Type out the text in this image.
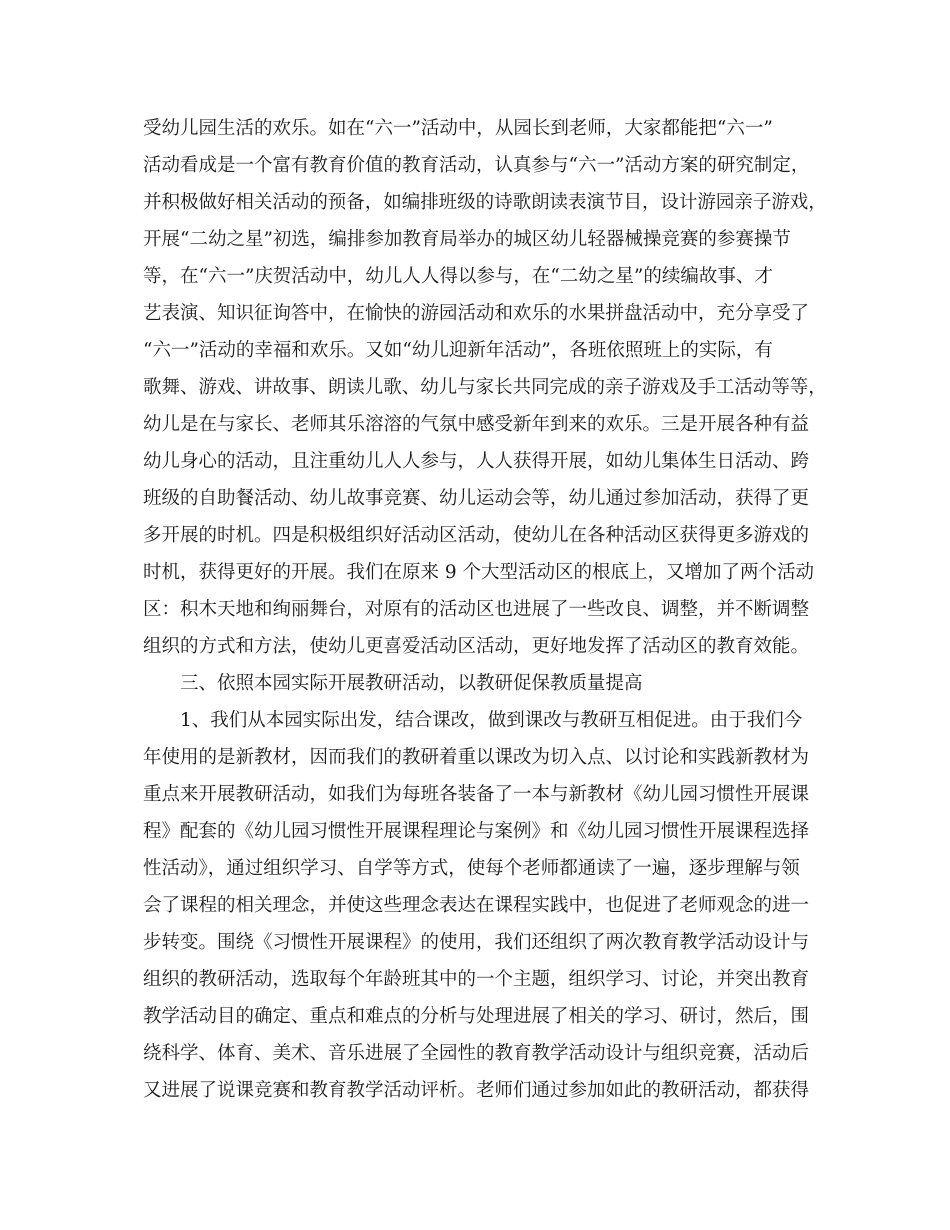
受幼儿园生活的欢乐。如在“六一”活动中，从园长到老师，大家都能把“六一”
活动看成是一个富有教育价值的教育活动，认真参与“六一”活动方案的研究制定，
并积极做好相关活动的预备，如编排班级的诗歌朗读表演节目，设计游园亲子游戏，
开展“二幼之星”初选，编排参加教育局举办的城区幼儿轻器械操竞赛的参赛操节
等，在“六一”庆贺活动中，幼儿人人得以参与，在“二幼之星”的续编故事、才
艺表演、知识征询答中，在愉快的游园活动和欢乐的水果拼盘活动中，充分享受了
“六一”活动的幸福和欢乐。又如“幼儿迎新年活动”，各班依照班上的实际，有
歌舞、游戏、讲故事、朗读儿歌、幼儿与家长共同完成的亲子游戏及手工活动等等，
幼儿是在与家长、老师其乐溶溶的气氛中感受新年到来的欢乐。三是开展各种有益
幼儿身心的活动，且注重幼儿人人参与，人人获得开展，如幼儿集体生日活动、跨
班级的自助餐活动、幼儿故事竞赛、幼儿运动会等，幼儿通过参加活动，获得了更
多开展的时机。四是积极组织好活动区活动，使幼儿在各种活动区获得更多游戏的
时机，获得更好的开展。我们在原来 9 个大型活动区的根底上，又增加了两个活动
区：积木天地和绚丽舞台，对原有的活动区也进展了一些改良、调整，并不断调整
组织的方式和方法，使幼儿更喜爱活动区活动，更好地发挥了活动区的教育效能。
三、依照本园实际开展教研活动，以教研促保教质量提高
1、我们从本园实际出发，结合课改，做到课改与教研互相促进。由于我们今
年使用的是新教材，因而我们的教研着重以课改为切入点、以讨论和实践新教材为
重点来开展教研活动，如我们为每班各装备了一本与新教材《幼儿园习惯性开展课
程》配套的《幼儿园习惯性开展课程理论与案例》和《幼儿园习惯性开展课程选择
性活动》，通过组织学习、自学等方式，使每个老师都通读了一遍，逐步理解与领
会了课程的相关理念，并使这些理念表达在课程实践中，也促进了老师观念的进一
步转变。围绕《习惯性开展课程》的使用，我们还组织了两次教育教学活动设计与
组织的教研活动，选取每个年龄班其中的一个主题，组织学习、讨论，并突出教育
教学活动目的确定、重点和难点的分析与处理进展了相关的学习、研讨，然后，围
绕科学、体育、美术、音乐进展了全园性的教育教学活动设计与组织竞赛，活动后
又进展了说课竞赛和教育教学活动评析。老师们通过参加如此的教研活动，都获得
